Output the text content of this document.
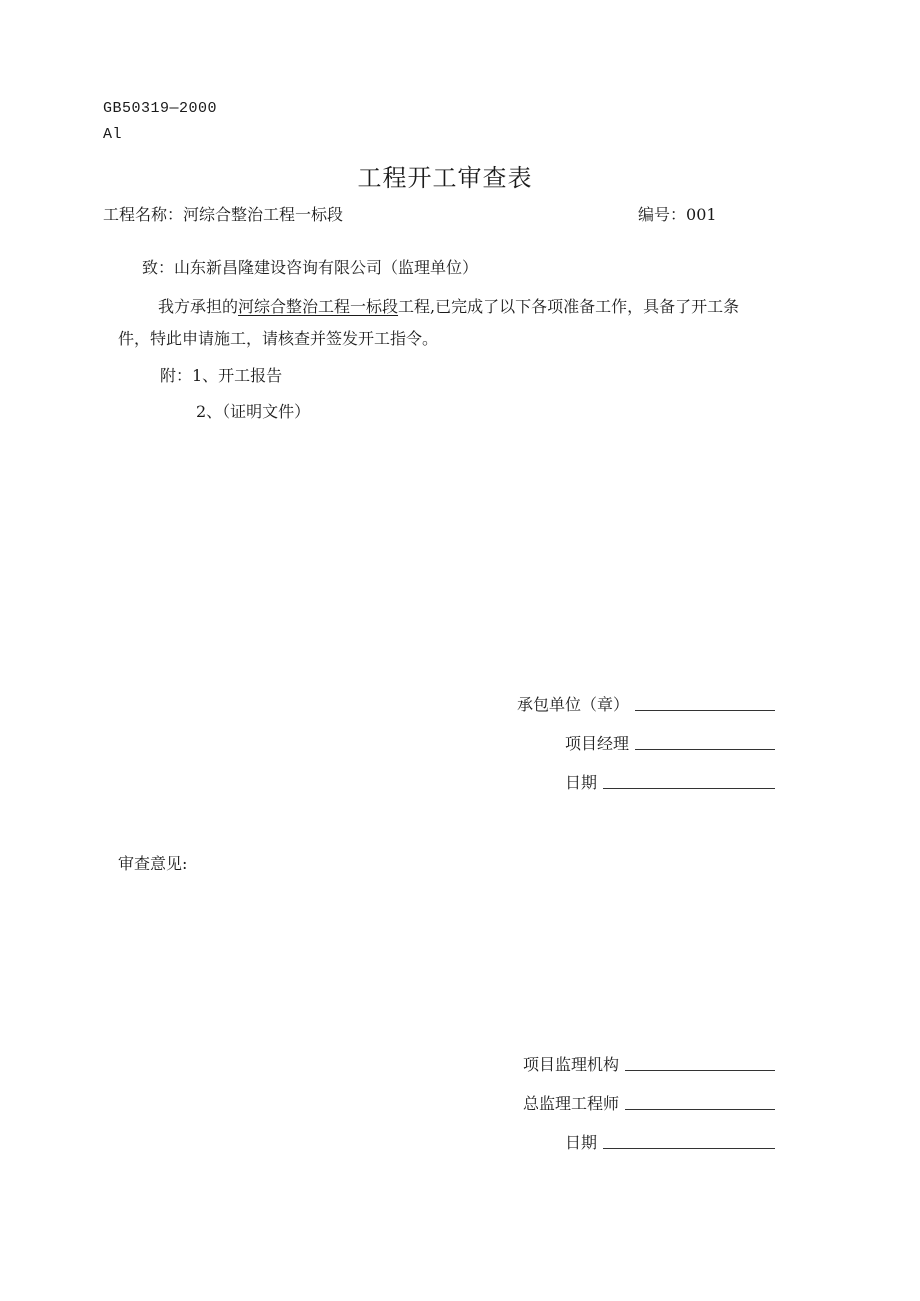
GB50319—2000
Al
工程开工审查表
工程名称：河综合整治工程一标段	编号：001
致：山东新昌隆建设咨询有限公司（监理单位）
我方承担的河综合整治工程一标段工程,已完成了以下各项准备工作，具备了开工条
件，特此申请施工，请核查并签发开工指令。
附：1、开工报告
2、（证明文件）
承包单位（章）
项目经理
日期
审查意见:
项目监理机构
总监理工程师
日期
